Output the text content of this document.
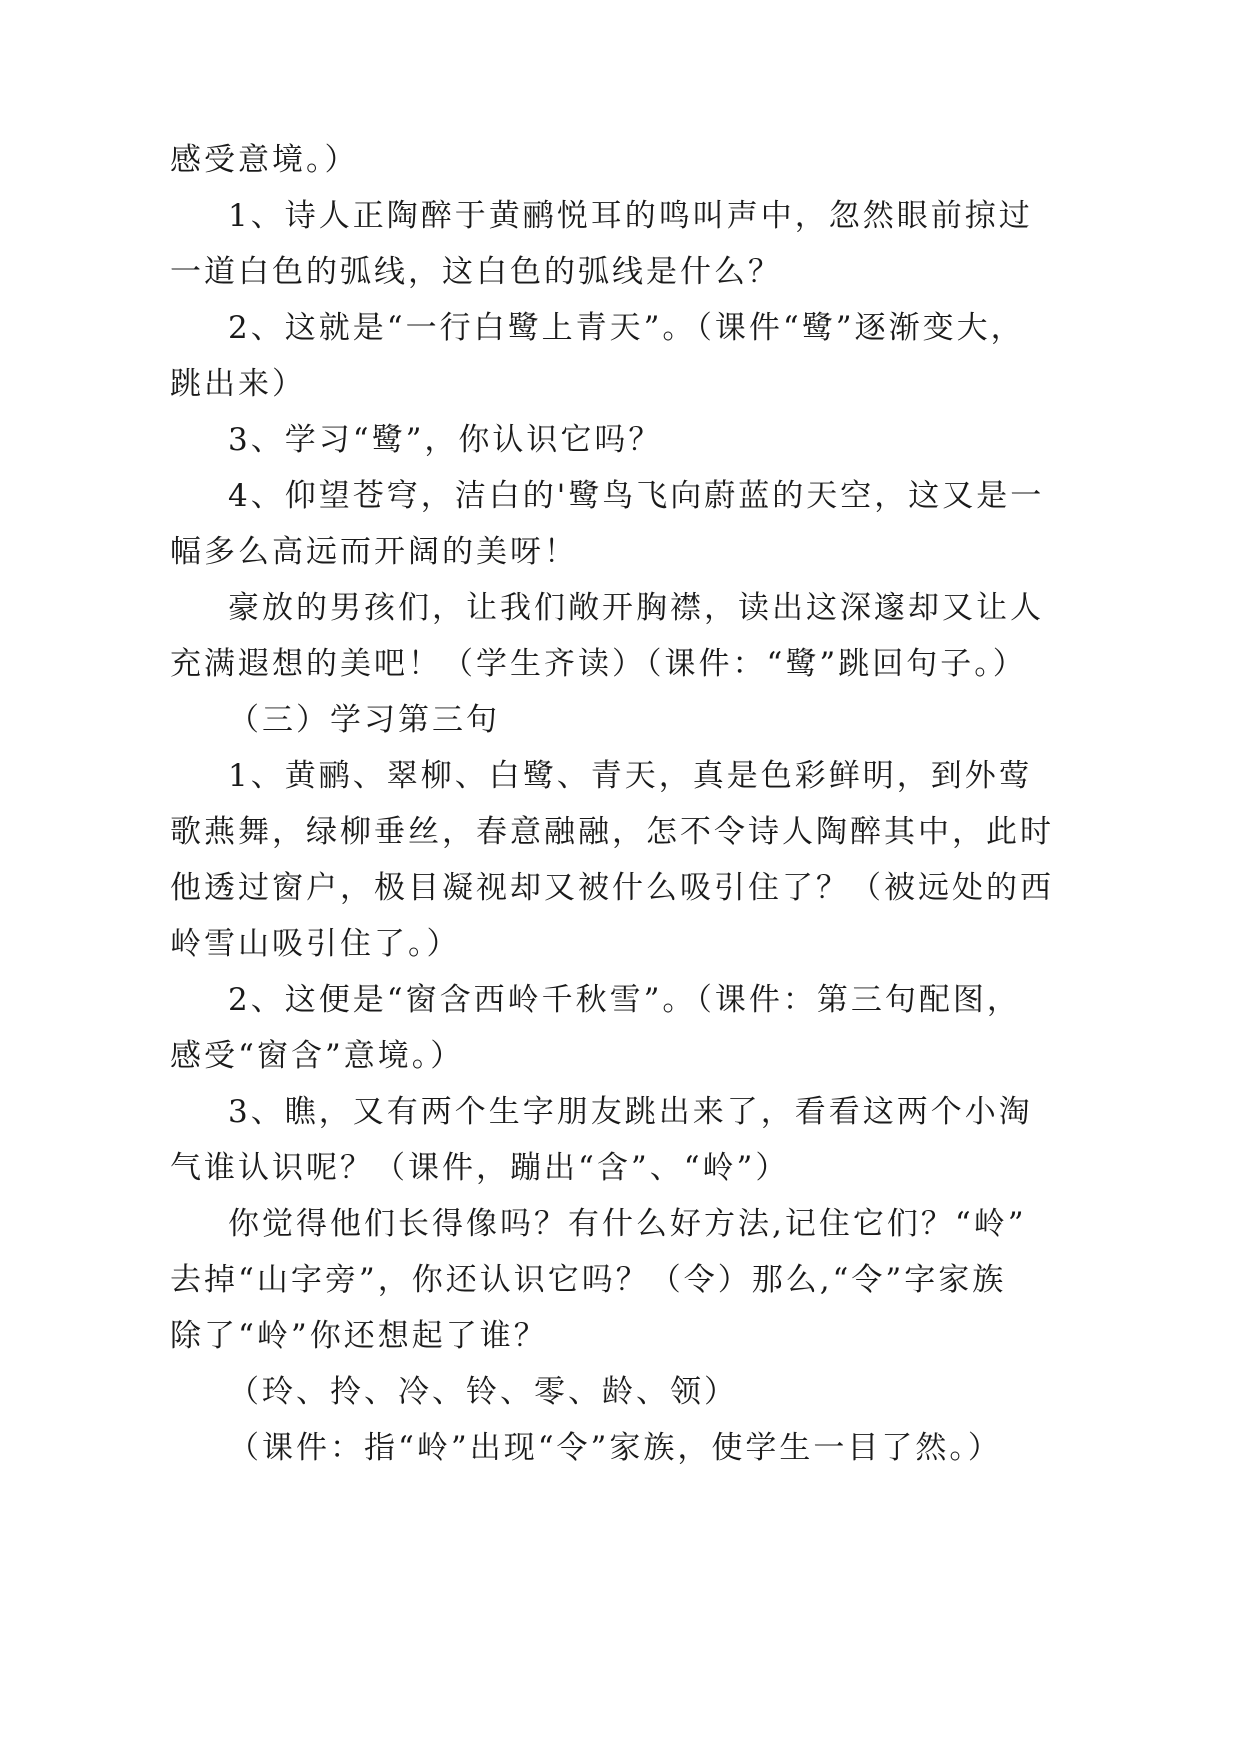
感受意境。）
1、诗人正陶醉于黄鹂悦耳的鸣叫声中，忽然眼前掠过
一道白色的弧线，这白色的弧线是什么？
2、这就是“一行白鹭上青天”。（课件“鹭”逐渐变大，
跳出来）
3、学习“鹭”，你认识它吗？
4、仰望苍穹，洁白的'鹭鸟飞向蔚蓝的天空，这又是一
幅多么高远而开阔的美呀！
豪放的男孩们，让我们敞开胸襟，读出这深邃却又让人
充满遐想的美吧！（学生齐读）（课件：“鹭”跳回句子。）
（三）学习第三句
1、黄鹂、翠柳、白鹭、青天，真是色彩鲜明，到外莺
歌燕舞，绿柳垂丝，春意融融，怎不令诗人陶醉其中，此时
他透过窗户，极目凝视却又被什么吸引住了？（被远处的西
岭雪山吸引住了。）
2、这便是“窗含西岭千秋雪”。（课件：第三句配图，
感受“窗含”意境。）
3、瞧，又有两个生字朋友跳出来了，看看这两个小淘
气谁认识呢？（课件，蹦出“含”、“岭”）
你觉得他们长得像吗？有什么好方法,记住它们？“岭”
去掉“山字旁”，你还认识它吗？（令）那么,“令”字家族
除了“岭”你还想起了谁？
（玲、拎、冷、铃、零、龄、领）
（课件：指“岭”出现“令”家族，使学生一目了然。）
